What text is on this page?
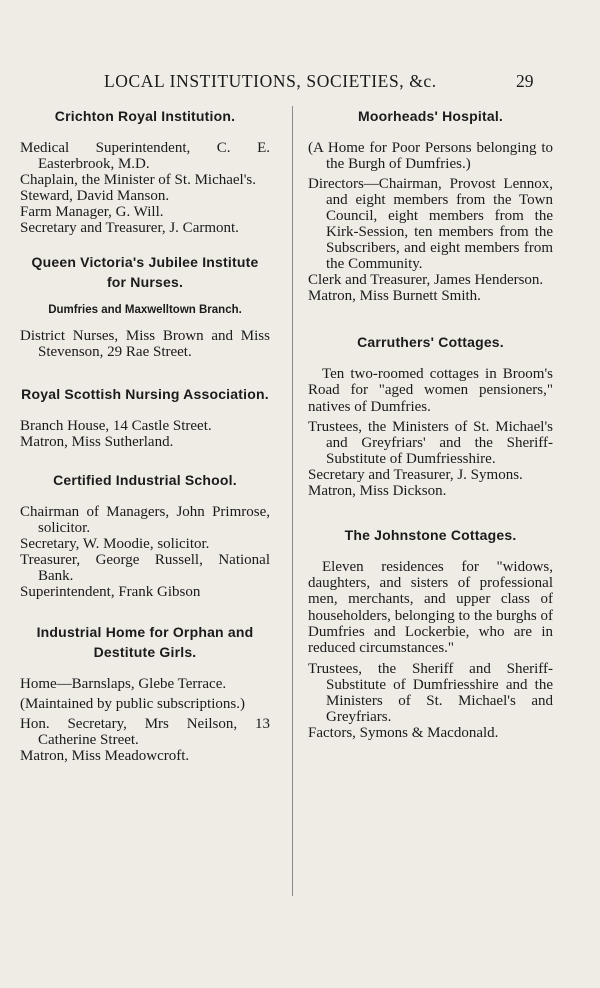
LOCAL INSTITUTIONS, SOCIETIES, &c.	29
Crichton Royal Institution.

Medical Superintendent, C. E. Easterbrook, M.D.

Chaplain, the Minister of St. Michael's.

Steward, David Manson.

Farm Manager, G. Will.

Secretary and Treasurer, J. Carmont.

Queen Victoria's Jubilee Institute for Nurses.
Dumfries and Maxwelltown Branch.

District Nurses, Miss Brown and Miss Stevenson, 29 Rae Street.

Royal Scottish Nursing Association.

Branch House, 14 Castle Street.

Matron, Miss Sutherland.

Certified Industrial School.

Chairman of Managers, John Primrose, solicitor.

Secretary, W. Moodie, solicitor.

Treasurer, George Russell, National Bank.

Superintendent, Frank Gibson

Industrial Home for Orphan and Destitute Girls.

Home—Barnslaps, Glebe Terrace.

(Maintained by public subscriptions.)

Hon. Secretary, Mrs Neilson, 13 Catherine Street.

Matron, Miss Meadowcroft.

Moorheads' Hospital.

(A Home for Poor Persons belonging to the Burgh of Dumfries.)

Directors—Chairman, Provost Lennox, and eight members from the Town Council, eight members from the Kirk-Session, ten members from the Subscribers, and eight members from the Community.

Clerk and Treasurer, James Henderson.

Matron, Miss Burnett Smith.

Carruthers' Cottages.

Ten two-roomed cottages in Broom's Road for "aged women pensioners," natives of Dumfries.

Trustees, the Ministers of St. Michael's and Greyfriars' and the Sheriff-Substitute of Dumfriesshire.

Secretary and Treasurer, J. Symons.

Matron, Miss Dickson.

The Johnstone Cottages.

Eleven residences for "widows, daughters, and sisters of professional men, merchants, and upper class of householders, belonging to the burghs of Dumfries and Lockerbie, who are in reduced circumstances."

Trustees, the Sheriff and Sheriff-Substitute of Dumfriesshire and the Ministers of St. Michael's and Greyfriars.

Factors, Symons & Macdonald.
